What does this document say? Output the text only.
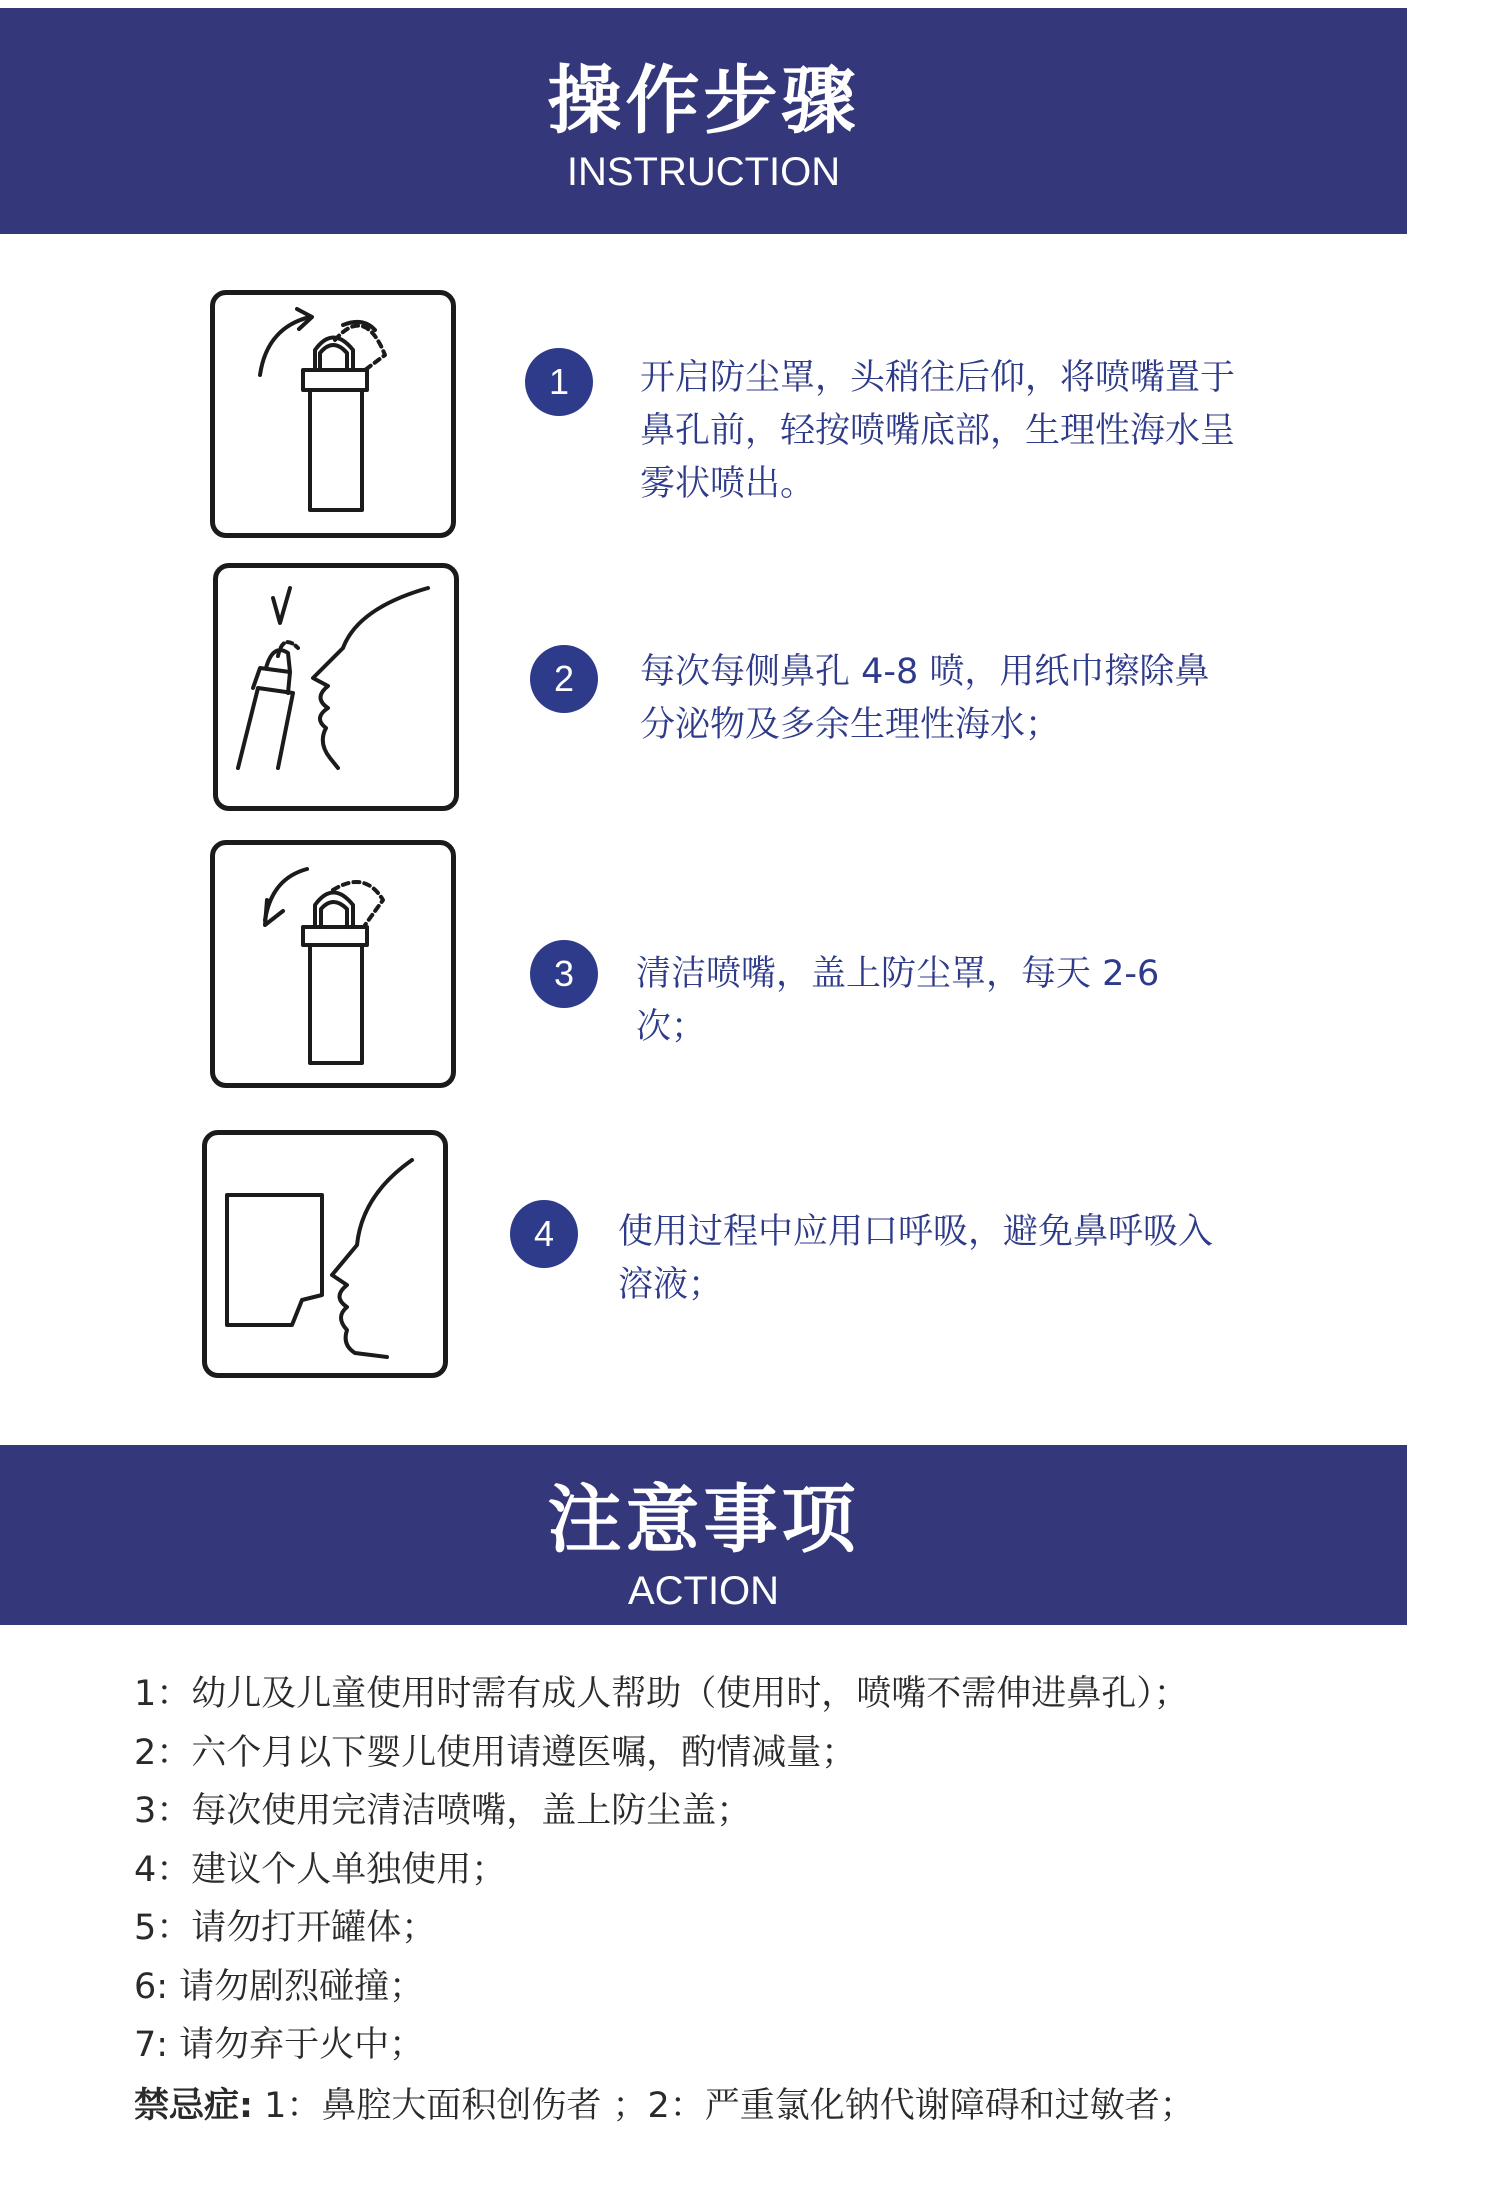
操作步骤
INSTRUCTION
1	开启防尘罩，头稍往后仰，将喷嘴置于鼻孔前，轻按喷嘴底部，生理性海水呈雾状喷出。
2	每次每侧鼻孔 4-8 喷，用纸巾擦除鼻分泌物及多余生理性海水；
3	清洁喷嘴，盖上防尘罩，每天 2-6 次；
4	使用过程中应用口呼吸，避免鼻呼吸入溶液；
注意事项
ACTION
1：幼儿及儿童使用时需有成人帮助（使用时，喷嘴不需伸进鼻孔）；
2：六个月以下婴儿使用请遵医嘱，酌情减量；
3：每次使用完清洁喷嘴，盖上防尘盖；
4：建议个人单独使用；
5：请勿打开罐体；
6: 请勿剧烈碰撞；
7: 请勿弃于火中；
禁忌症: 1：鼻腔大面积创伤者 ；2：严重氯化钠代谢障碍和过敏者；
